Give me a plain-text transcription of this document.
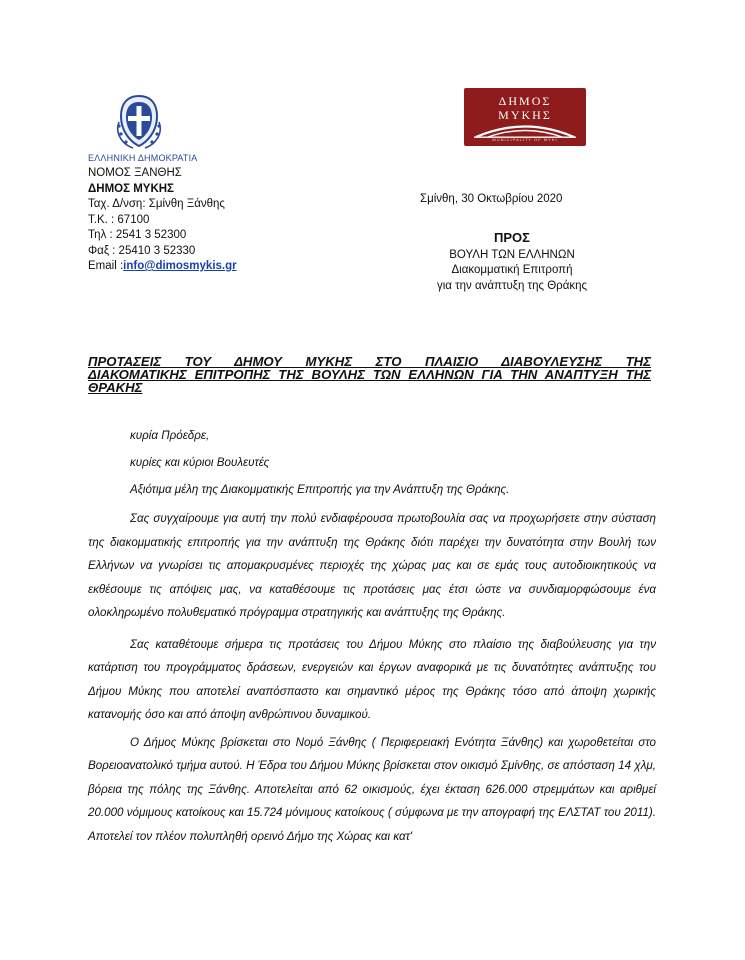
ΕΛΛΗΝΙΚΗ ΔΗΜΟΚΡΑΤΙΑ
ΔΗΜΟΣ
ΜΥΚΗΣ
MUNICIPALITY OF MYKI
ΝΟΜΟΣ ΞΑΝΘΗΣ
ΔΗΜΟΣ ΜΥΚΗΣ
Ταχ. Δ/νση: Σμίνθη Ξάνθης
Τ.Κ. : 67100
Τηλ : 2541 3 52300
Φαξ : 25410 3 52330
Email :info@dimosmykis.gr
Σμίνθη, 30 Οκτωβρίου 2020
ΠΡΟΣ
ΒΟΥΛΗ ΤΩΝ ΕΛΛΗΝΩΝ
Διακομματική Επιτροπή
για την ανάπτυξη της Θράκης
ΠΡΟΤΑΣΕΙΣ ΤΟΥ ΔΗΜΟΥ ΜΥΚΗΣ ΣΤΟ ΠΛΑΙΣΙΟ ΔΙΑΒΟΥΛΕΥΣΗΣ ΤΗΣ
ΔΙΑΚΟΜΑΤΙΚΗΣ ΕΠΙΤΡΟΠΗΣ ΤΗΣ ΒΟΥΛΗΣ ΤΩΝ ΕΛΛΗΝΩΝ ΓΙΑ ΤΗΝ ΑΝΑΠΤΥΞΗ ΤΗΣ
ΘΡΑΚΗΣ

κυρία Πρόεδρε,

κυρίες και κύριοι Βουλευτές

Αξιότιμα μέλη της Διακομματικής Επιτροπής για την Ανάπτυξη της Θράκης.

Σας συγχαίρουμε για αυτή την πολύ ενδιαφέρουσα πρωτοβουλία σας να προχωρήσετε στην σύσταση της διακομματικής επιτροπής για την ανάπτυξη της Θράκης διότι παρέχει την δυνατότητα στην Βουλή των Ελλήνων να γνωρίσει τις απομακρυσμένες περιοχές της χώρας μας και σε εμάς τους αυτοδιοικητικούς να εκθέσουμε τις απόψεις μας, να καταθέσουμε τις προτάσεις μας έτσι ώστε να συνδιαμορφώσουμε ένα ολοκληρωμένο πολυθεματικό πρόγραμμα στρατηγικής και ανάπτυξης της Θράκης.

Σας καταθέτουμε σήμερα τις προτάσεις του Δήμου Μύκης στο πλαίσιο της διαβούλευσης για την κατάρτιση του προγράμματος δράσεων, ενεργειών και έργων αναφορικά με τις δυνατότητες ανάπτυξης του Δήμου Μύκης που αποτελεί αναπόσπαστο και σημαντικό μέρος της Θράκης τόσο από άποψη χωρικής κατανομής όσο και από άποψη ανθρώπινου δυναμικού.

Ο Δήμος Μύκης βρίσκεται στο Νομό Ξάνθης ( Περιφερειακή Ενότητα Ξάνθης) και χωροθετείται στο Βορειοανατολικό τμήμα αυτού. Η Έδρα του Δήμου Μύκης βρίσκεται στον οικισμό Σμίνθης, σε απόσταση 14 χλμ, βόρεια της πόλης της Ξάνθης. Αποτελείται από 62 οικισμούς, έχει έκταση 626.000 στρεμμάτων και αριθμεί 20.000 νόμιμους κατοίκους και 15.724 μόνιμους κατοίκους ( σύμφωνα με την απογραφή της ΕΛΣΤΑΤ του 2011). Αποτελεί τον πλέον πολυπληθή ορεινό Δήμο της Χώρας και κατ'
